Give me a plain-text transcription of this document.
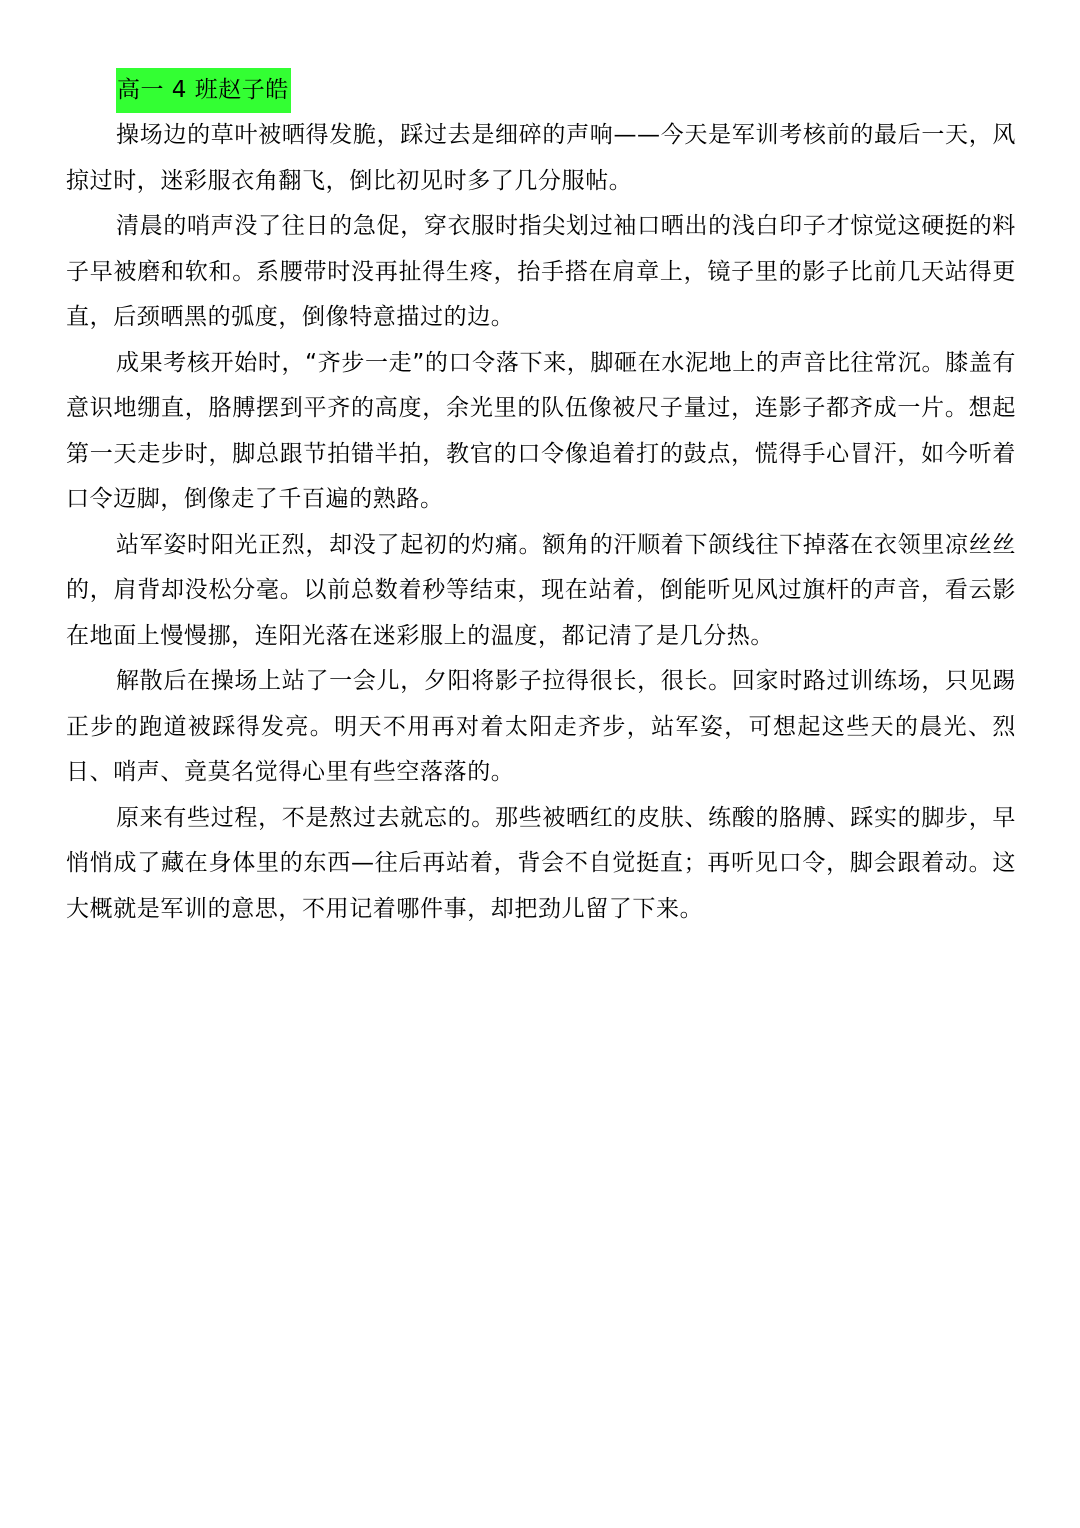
高一 4 班赵子皓

操场边的草叶被晒得发脆，踩过去是细碎的声响——今天是军训考核前的最后一天，风掠过时，迷彩服衣角翻飞，倒比初见时多了几分服帖。

清晨的哨声没了往日的急促，穿衣服时指尖划过袖口晒出的浅白印子才惊觉这硬挺的料子早被磨和软和。系腰带时没再扯得生疼，抬手搭在肩章上，镜子里的影子比前几天站得更直，后颈晒黑的弧度，倒像特意描过的边。

成果考核开始时，“齐步一走”的口令落下来，脚砸在水泥地上的声音比往常沉。膝盖有意识地绷直，胳膊摆到平齐的高度，余光里的队伍像被尺子量过，连影子都齐成一片。想起第一天走步时，脚总跟节拍错半拍，教官的口令像追着打的鼓点，慌得手心冒汗，如今听着口令迈脚，倒像走了千百遍的熟路。

站军姿时阳光正烈，却没了起初的灼痛。额角的汗顺着下颌线往下掉落在衣领里凉丝丝的，肩背却没松分毫。以前总数着秒等结束，现在站着，倒能听见风过旗杆的声音，看云影在地面上慢慢挪，连阳光落在迷彩服上的温度，都记清了是几分热。

解散后在操场上站了一会儿，夕阳将影子拉得很长，很长。回家时路过训练场，只见踢正步的跑道被踩得发亮。明天不用再对着太阳走齐步，站军姿，可想起这些天的晨光、烈日、哨声、竟莫名觉得心里有些空落落的。

原来有些过程，不是熬过去就忘的。那些被晒红的皮肤、练酸的胳膊、踩实的脚步，早悄悄成了藏在身体里的东西—往后再站着，背会不自觉挺直；再听见口令，脚会跟着动。这大概就是军训的意思，不用记着哪件事，却把劲儿留了下来。
